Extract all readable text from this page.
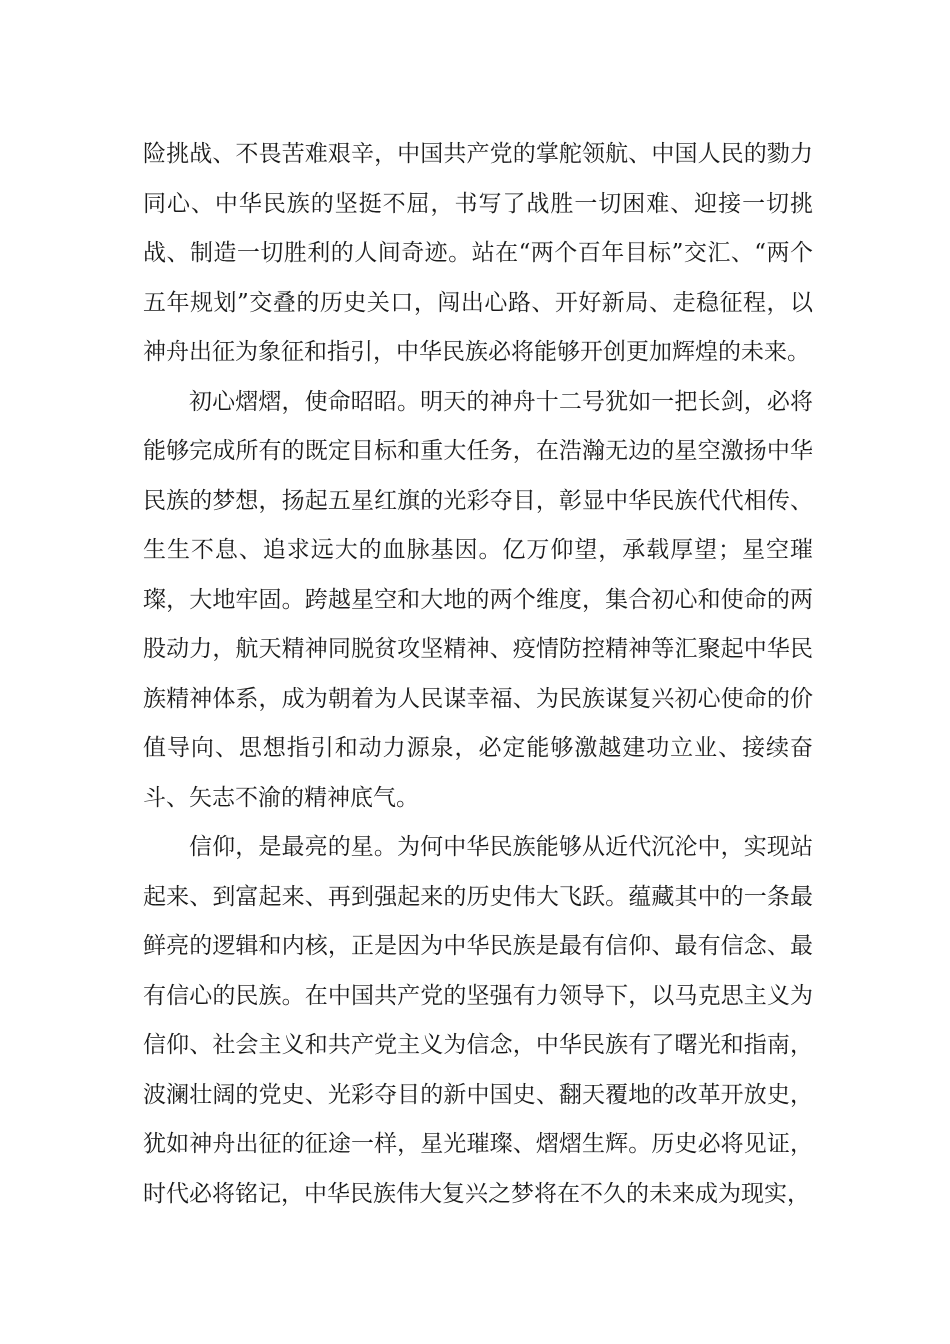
险挑战、不畏苦难艰辛，中国共产党的掌舵领航、中国人民的勠力同心、中华民族的坚挺不屈，书写了战胜一切困难、迎接一切挑战、制造一切胜利的人间奇迹。站在“两个百年目标”交汇、“两个五年规划”交叠的历史关口，闯出心路、开好新局、走稳征程，以神舟出征为象征和指引，中华民族必将能够开创更加辉煌的未来。

初心熠熠，使命昭昭。明天的神舟十二号犹如一把长剑，必将能够完成所有的既定目标和重大任务，在浩瀚无边的星空激扬中华民族的梦想，扬起五星红旗的光彩夺目，彰显中华民族代代相传、生生不息、追求远大的血脉基因。亿万仰望，承载厚望；星空璀璨，大地牢固。跨越星空和大地的两个维度，集合初心和使命的两股动力，航天精神同脱贫攻坚精神、疫情防控精神等汇聚起中华民族精神体系，成为朝着为人民谋幸福、为民族谋复兴初心使命的价值导向、思想指引和动力源泉，必定能够激越建功立业、接续奋斗、矢志不渝的精神底气。

信仰，是最亮的星。为何中华民族能够从近代沉沦中，实现站起来、到富起来、再到强起来的历史伟大飞跃。蕴藏其中的一条最鲜亮的逻辑和内核，正是因为中华民族是最有信仰、最有信念、最有信心的民族。在中国共产党的坚强有力领导下，以马克思主义为信仰、社会主义和共产党主义为信念，中华民族有了曙光和指南，波澜壮阔的党史、光彩夺目的新中国史、翻天覆地的改革开放史，犹如神舟出征的征途一样，星光璀璨、熠熠生辉。历史必将见证，时代必将铭记，中华民族伟大复兴之梦将在不久的未来成为现实，
